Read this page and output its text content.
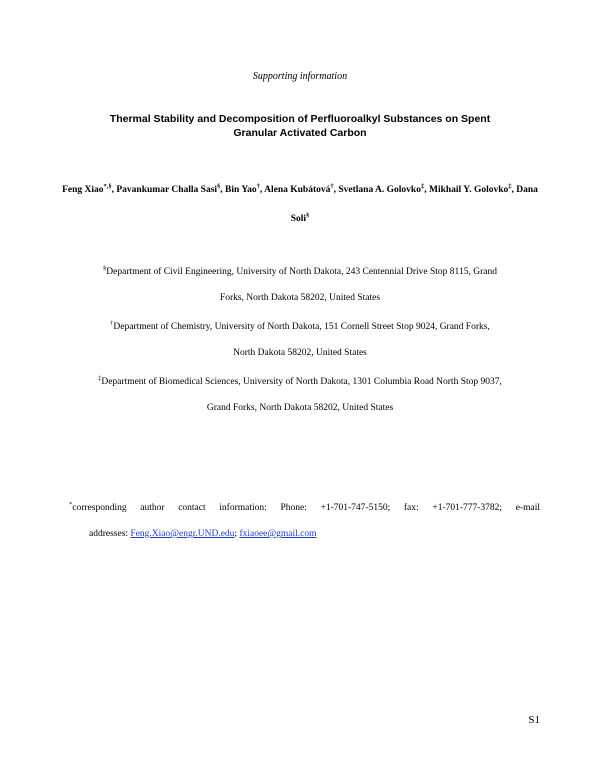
Supporting information
Thermal Stability and Decomposition of Perfluoroalkyl Substances on Spent
Granular Activated Carbon
Feng Xiao*,§, Pavankumar Challa Sasi§, Bin Yao†, Alena Kubátová†, Svetlana A. Golovko‡, Mikhail Y. Golovko‡, Dana Soli§
§Department of Civil Engineering, University of North Dakota, 243 Centennial Drive Stop 8115, Grand
Forks, North Dakota 58202, United States
†Department of Chemistry, University of North Dakota, 151 Cornell Street Stop 9024, Grand Forks,
North Dakota 58202, United States
‡Department of Biomedical Sciences, University of North Dakota, 1301 Columbia Road North Stop 9037,
Grand Forks, North Dakota 58202, United States
*corresponding author contact information: Phone: +1-701-747-5150; fax: +1-701-777-3782; e-mail
addresses: Feng.Xiao@engr.UND.edu; fxiaoee@gmail.com
S1
